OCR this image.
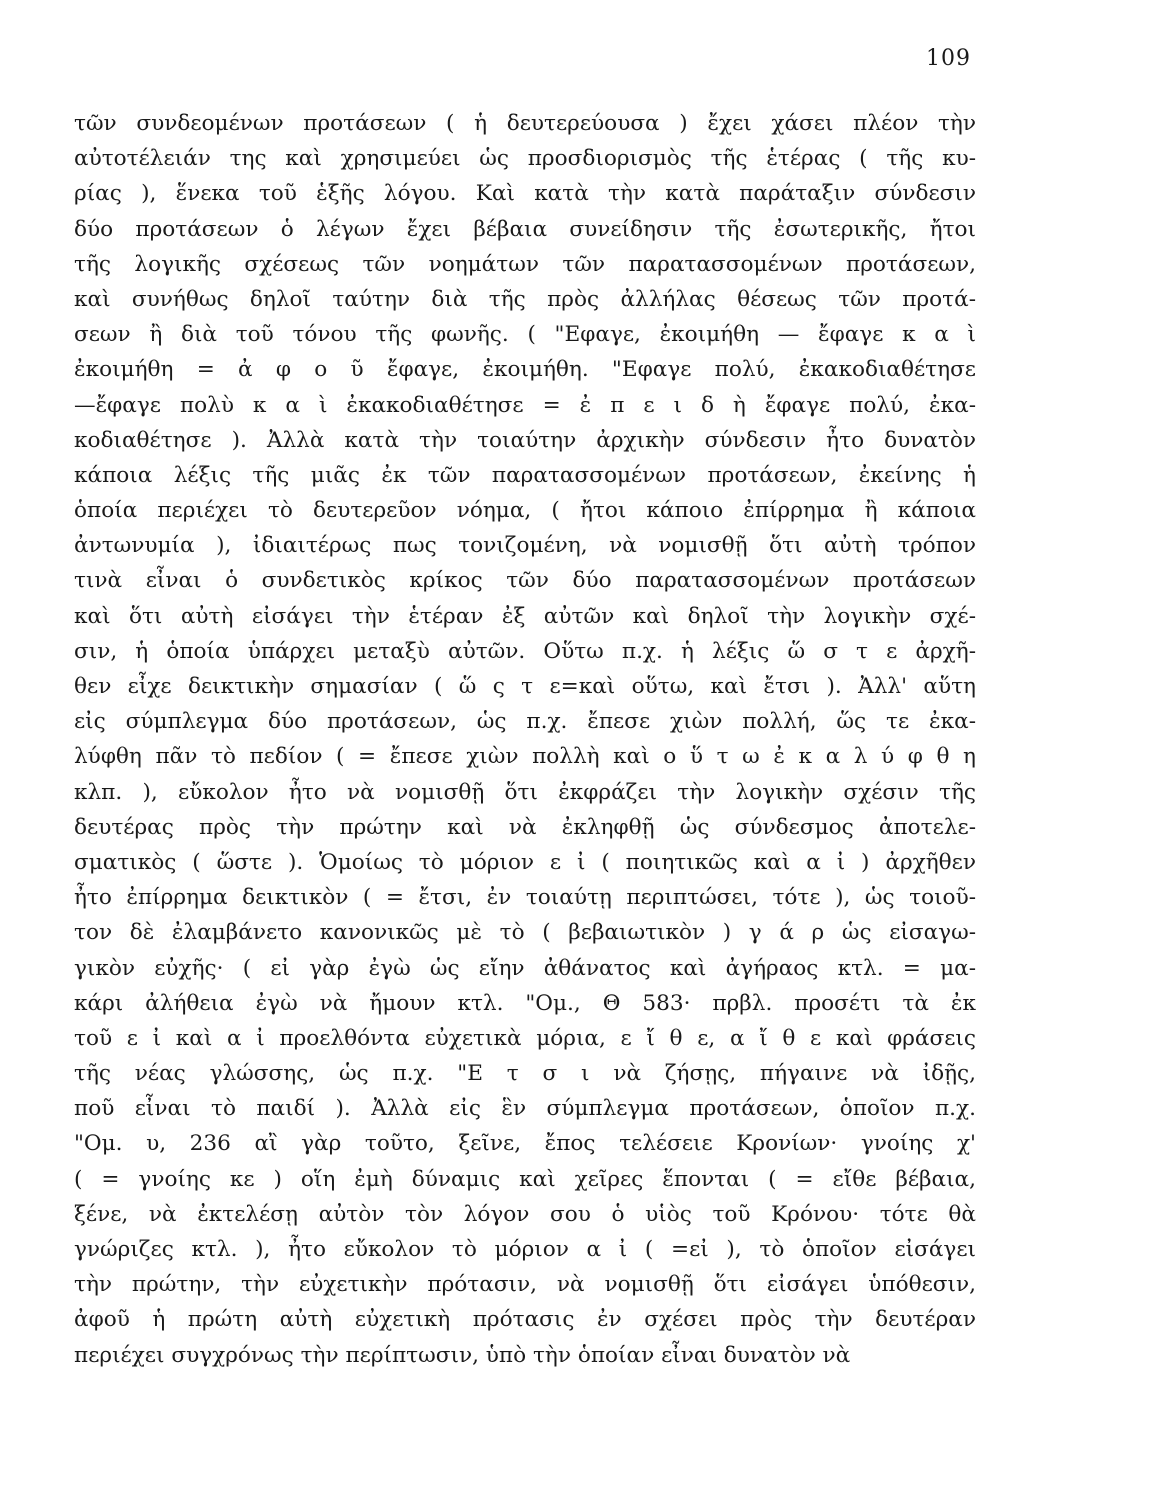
109
τῶν συνδεομένων προτάσεων ( ἡ δευτερεύουσα ) ἔχει χάσει πλέον τὴν
αὐτοτέλειάν της καὶ χρησιμεύει ὡς προσδιορισμὸς τῆς ἑτέρας ( τῆς κυ-
ρίας ), ἕνεκα τοῦ ἑξῆς λόγου. Καὶ κατὰ τὴν κατὰ παράταξιν σύνδεσιν
δύο προτάσεων ὁ λέγων ἔχει βέβαια συνείδησιν τῆς ἐσωτερικῆς, ἤτοι
τῆς λογικῆς σχέσεως τῶν νοημάτων τῶν παρατασσομένων προτάσεων,
καὶ συνήθως δηλοῖ ταύτην διὰ τῆς πρὸς ἀλλήλας θέσεως τῶν προτά-
σεων ἢ διὰ τοῦ τόνου τῆς φωνῆς. ( "Εφαγε, ἐκοιμήθη — ἔφαγε κ α ὶ
ἐκοιμήθη = ἀ φ ο ῦ ἔφαγε, ἐκοιμήθη. "Εφαγε πολύ, ἐκακοδιαθέτησε
—ἔφαγε πολὺ κ α ὶ ἐκακοδιαθέτησε = ἐ π ε ι δ ὴ ἔφαγε πολύ, ἐκα-
κοδιαθέτησε ). Ἀλλὰ κατὰ τὴν τοιαύτην ἀρχικὴν σύνδεσιν ἦτο δυνατὸν
κάποια λέξις τῆς μιᾶς ἐκ τῶν παρατασσομένων προτάσεων, ἐκείνης ἡ
ὁποία περιέχει τὸ δευτερεῦον νόημα, ( ἤτοι κάποιο ἐπίρρημα ἢ κάποια
ἀντωνυμία ), ἰδιαιτέρως πως τονιζομένη, νὰ νομισθῇ ὅτι αὐτὴ τρόπον
τινὰ εἶναι ὁ συνδετικὸς κρίκος τῶν δύο παρατασσομένων προτάσεων
καὶ ὅτι αὐτὴ εἰσάγει τὴν ἑτέραν ἐξ αὐτῶν καὶ δηλοῖ τὴν λογικὴν σχέ-
σιν, ἡ ὁποία ὑπάρχει μεταξὺ αὐτῶν. Οὕτω π.χ. ἡ λέξις ὥ σ τ ε ἀρχῆ-
θεν εἶχε δεικτικὴν σημασίαν ( ὥ ς τ ε=καὶ οὕτω, καὶ ἔτσι ). Ἀλλ' αὕτη
εἰς σύμπλεγμα δύο προτάσεων, ὡς π.χ. ἔπεσε χιὼν πολλή, ὥς τε ἐκα-
λύφθη πᾶν τὸ πεδίον ( = ἔπεσε χιὼν πολλὴ καὶ ο ὕ τ ω ἐ κ α λ ύ φ θ η
κλπ. ), εὔκολον ἦτο νὰ νομισθῇ ὅτι ἐκφράζει τὴν λογικὴν σχέσιν τῆς
δευτέρας πρὸς τὴν πρώτην καὶ νὰ ἐκληφθῇ ὡς σύνδεσμος ἀποτελε-
σματικὸς ( ὥστε ). Ὁμοίως τὸ μόριον ε ἰ ( ποιητικῶς καὶ α ἰ ) ἀρχῆθεν
ἦτο ἐπίρρημα δεικτικὸν ( = ἔτσι, ἐν τοιαύτῃ περιπτώσει, τότε ), ὡς τοιοῦ-
τον δὲ ἐλαμβάνετο κανονικῶς μὲ τὸ ( βεβαιωτικὸν ) γ ά ρ ὡς εἰσαγω-
γικὸν εὐχῆς· ( εἰ γὰρ ἐγὼ ὡς εἴην ἀθάνατος καὶ ἀγήραος κτλ. = μα-
κάρι ἀλήθεια ἐγὼ νὰ ἤμουν κτλ. "Ομ., Θ 583· πρβλ. προσέτι τὰ ἐκ
τοῦ ε ἰ καὶ α ἰ προελθόντα εὐχετικὰ μόρια, ε ἴ θ ε, α ἴ θ ε καὶ φράσεις
τῆς νέας γλώσσης, ὡς π.χ. "Ε τ σ ι νὰ ζήσῃς, πήγαινε νὰ ἰδῇς,
ποῦ εἶναι τὸ παιδί ). Ἀλλὰ εἰς ἓν σύμπλεγμα προτάσεων, ὁποῖον π.χ.
"Ομ. υ, 236 αἲ γὰρ τοῦτο, ξεῖνε, ἔπος τελέσειε Κρονίων· γνοίης χ'
( = γνοίης κε ) οἵη ἐμὴ δύναμις καὶ χεῖρες ἕπονται ( = εἴθε βέβαια,
ξένε, νὰ ἐκτελέσῃ αὐτὸν τὸν λόγον σου ὁ υἱὸς τοῦ Κρόνου· τότε θὰ
γνώριζες κτλ. ), ἦτο εὔκολον τὸ μόριον α ἰ ( =εἰ ), τὸ ὁποῖον εἰσάγει
τὴν πρώτην, τὴν εὐχετικὴν πρότασιν, νὰ νομισθῇ ὅτι εἰσάγει ὑπόθεσιν,
ἀφοῦ ἡ πρώτη αὐτὴ εὐχετικὴ πρότασις ἐν σχέσει πρὸς τὴν δευτέραν
περιέχει συγχρόνως τὴν περίπτωσιν, ὑπὸ τὴν ὁποίαν εἶναι δυνατὸν νὰ
